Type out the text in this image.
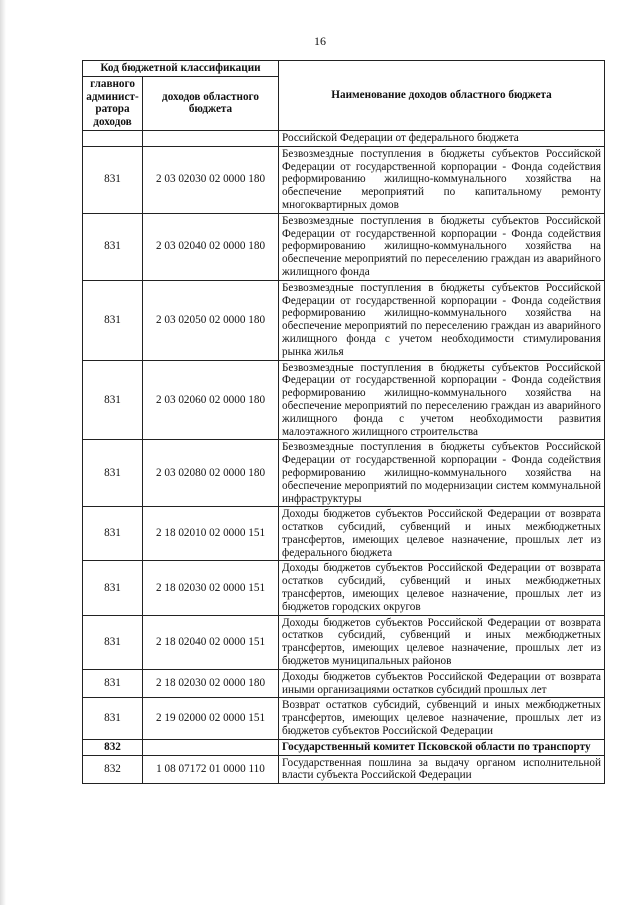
16
Код бюджетной классификации		Наименование доходов областного бюджета
главного админист-ратора доходов	доходов областного бюджета	
		Российской Федерации от федерального бюджета
831	2 03 02030 02 0000 180	Безвозмездные поступления в бюджеты субъектов Российской Федерации от государственной корпорации - Фонда содействия реформированию жилищно-коммунального хозяйства на обеспечение мероприятий по капитальному ремонту многоквартирных домов
831	2 03 02040 02 0000 180	Безвозмездные поступления в бюджеты субъектов Российской Федерации от государственной корпорации - Фонда содействия реформированию жилищно-коммунального хозяйства на обеспечение мероприятий по переселению граждан из аварийного жилищного фонда
831	2 03 02050 02 0000 180	Безвозмездные поступления в бюджеты субъектов Российской Федерации от государственной корпорации - Фонда содействия реформированию жилищно-коммунального хозяйства на обеспечение мероприятий по переселению граждан из аварийного жилищного фонда с учетом необходимости стимулирования рынка жилья
831	2 03 02060 02 0000 180	Безвозмездные поступления в бюджеты субъектов Российской Федерации от государственной корпорации - Фонда содействия реформированию жилищно-коммунального хозяйства на обеспечение мероприятий по переселению граждан из аварийного жилищного фонда с учетом необходимости развития малоэтажного жилищного строительства
831	2 03 02080 02 0000 180	Безвозмездные поступления в бюджеты субъектов Российской Федерации от государственной корпорации - Фонда содействия реформированию жилищно-коммунального хозяйства на обеспечение мероприятий по модернизации систем коммунальной инфраструктуры
831	2 18 02010 02 0000 151	Доходы бюджетов субъектов Российской Федерации от возврата остатков субсидий, субвенций и иных межбюджетных трансфертов, имеющих целевое назначение, прошлых лет из федерального бюджета
831	2 18 02030 02 0000 151	Доходы бюджетов субъектов Российской Федерации от возврата остатков субсидий, субвенций и иных межбюджетных трансфертов, имеющих целевое назначение, прошлых лет из бюджетов городских округов
831	2 18 02040 02 0000 151	Доходы бюджетов субъектов Российской Федерации от возврата остатков субсидий, субвенций и иных межбюджетных трансфертов, имеющих целевое назначение, прошлых лет из бюджетов муниципальных районов
831	2 18 02030 02 0000 180	Доходы бюджетов субъектов Российской Федерации от возврата иными организациями остатков субсидий прошлых лет
831	2 19 02000 02 0000 151	Возврат остатков субсидий, субвенций и иных межбюджетных трансфертов, имеющих целевое назначение, прошлых лет из бюджетов субъектов Российской Федерации
832		Государственный комитет Псковской области по транспорту
832	1 08 07172 01 0000 110	Государственная пошлина за выдачу органом исполнительной власти субъекта Российской Федерации
